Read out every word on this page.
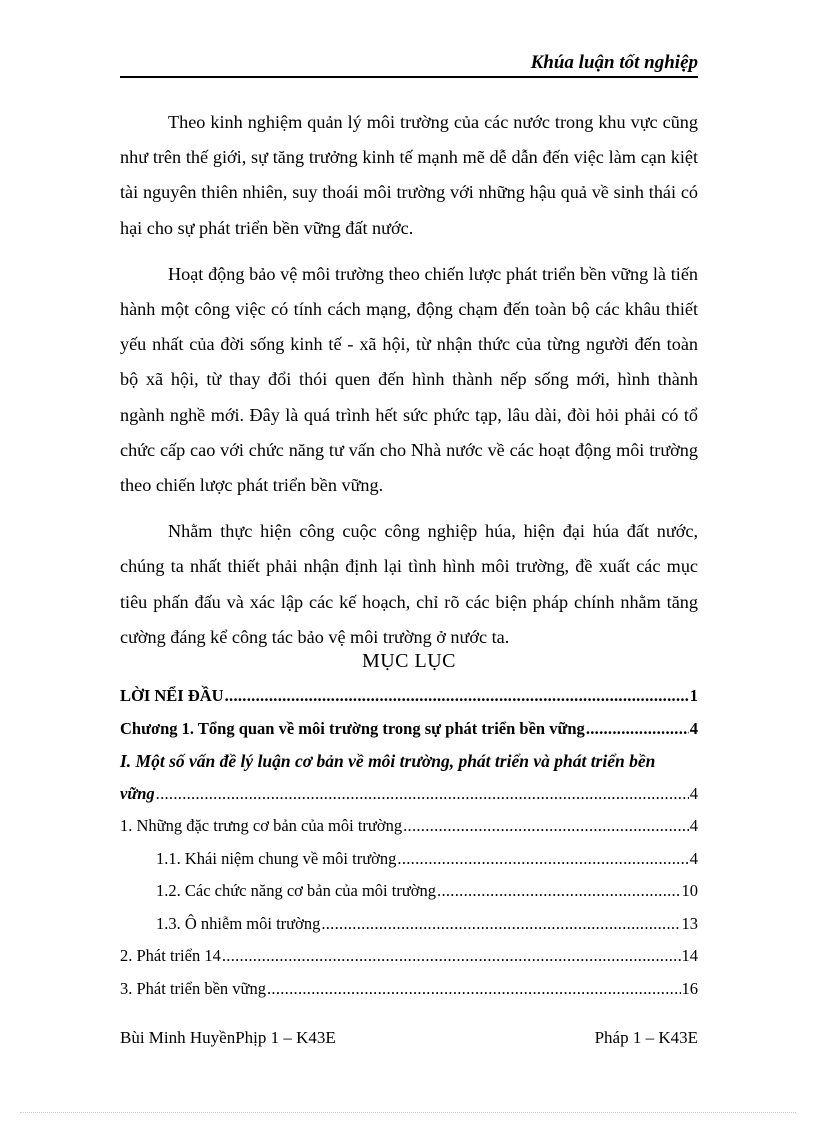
Khúa luận tốt nghiệp

Theo kinh nghiệm quản lý môi trường của các nước trong khu vực cũng như trên thế giới, sự tăng trưởng kinh tế mạnh mẽ dễ dẫn đến việc làm cạn kiệt tài nguyên thiên nhiên, suy thoái môi trường với những hậu quả về sinh thái có hại cho sự phát triển bền vững đất nước.

Hoạt động bảo vệ môi trường theo chiến lược phát triển bền vững là tiến hành một công việc có tính cách mạng, động chạm đến toàn bộ các khâu thiết yếu nhất của đời sống kinh tế - xã hội, từ nhận thức của từng người đến toàn bộ xã hội, từ thay đổi thói quen đến hình thành nếp sống mới, hình thành ngành nghề mới. Đây là quá trình hết sức phức tạp, lâu dài, đòi hỏi phải có tổ chức cấp cao với chức năng tư vấn cho Nhà nước về các hoạt động môi trường theo chiến lược phát triển bền vững.

Nhằm thực hiện công cuộc công nghiệp húa, hiện đại húa đất nước, chúng ta nhất thiết phải nhận định lại tình hình môi trường, đề xuất các mục tiêu phấn đấu và xác lập các kế hoạch, chỉ rõ các biện pháp chính nhằm tăng cường đáng kể công tác bảo vệ môi trường ở nước ta.

MỤC LỤC
LỜI NỂI ĐẦU .....	1
Chương 1. Tổng quan về môi trường trong sự phát triển bền vững .....	4
I. Một số vấn đề lý luận cơ bản về môi trường, phát triển và phát triển bền
vững .....	4
1. Những đặc trưng cơ bản của môi trường .....	4
1.1. Khái niệm chung về môi trường .....	4
1.2. Các chức năng cơ bản của môi trường .....	10
1.3. Ô nhiễm môi trường .....	13
2. Phát triển 14 .....	14
3. Phát triển bền vững .....	16
Bùi Minh HuyềnPhịp 1 – K43E	Pháp 1 – K43E
